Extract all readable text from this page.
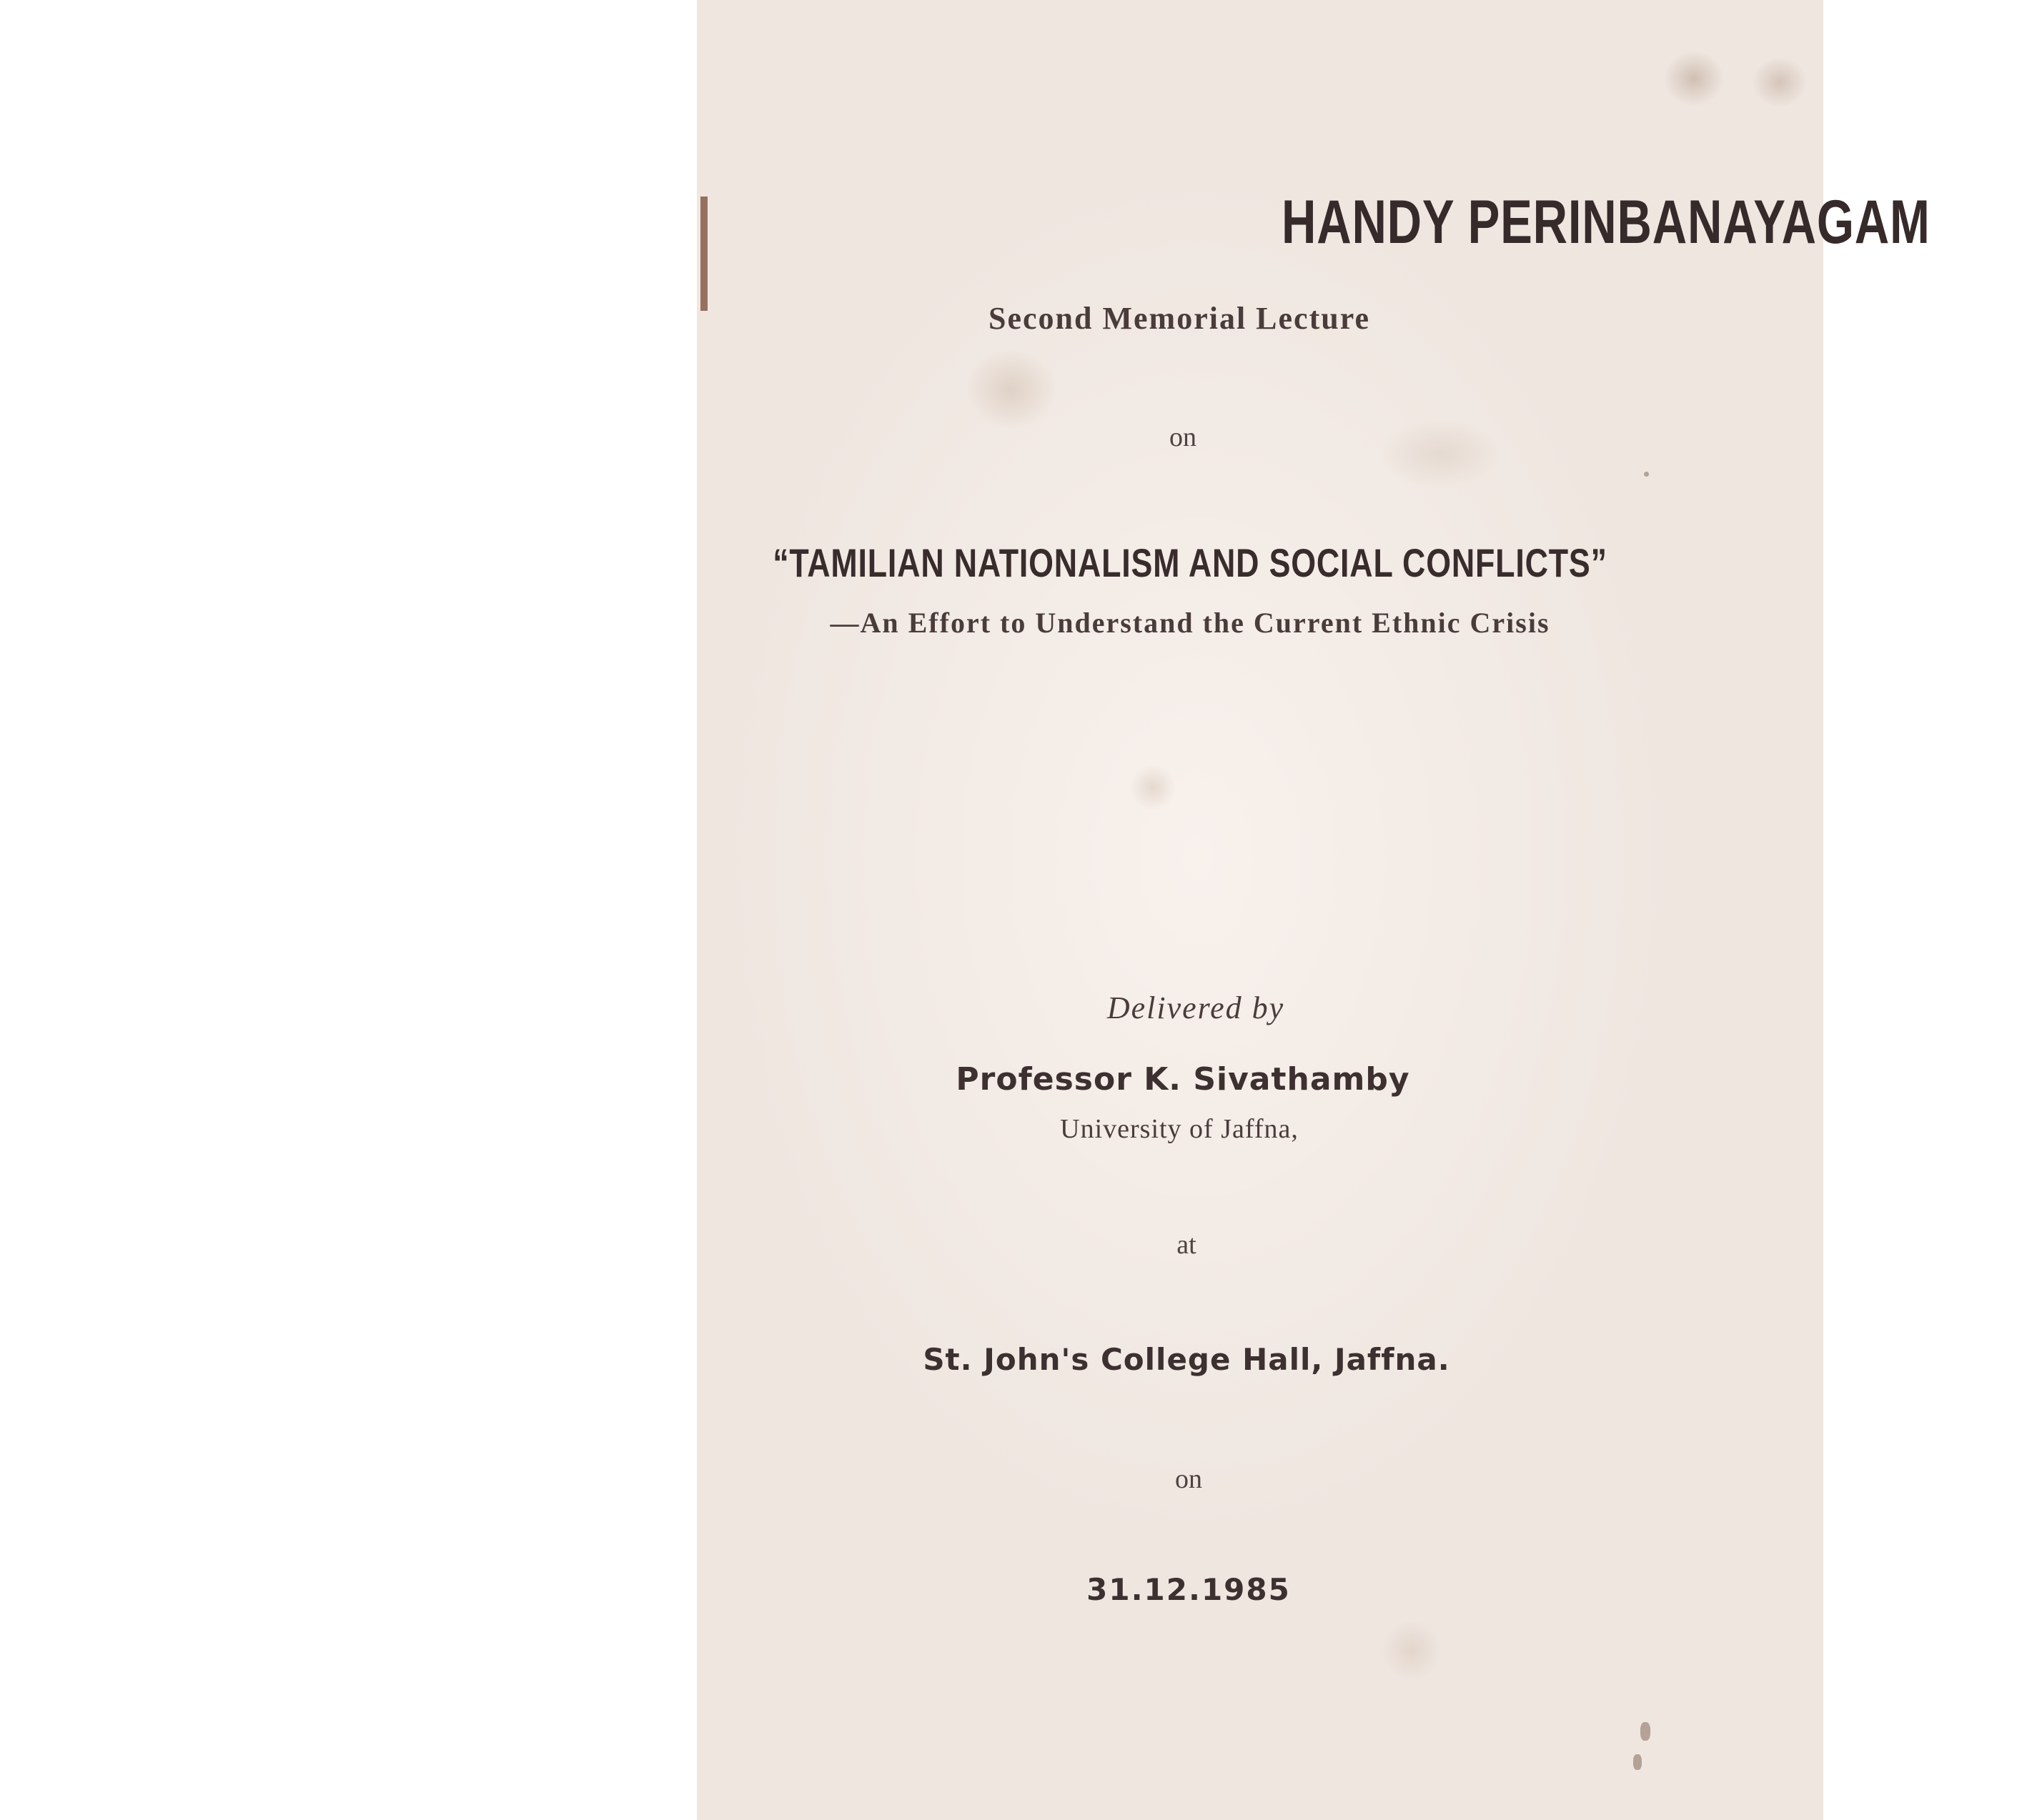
HANDY PERINBANAYAGAM

Second Memorial Lecture

on

“TAMILIAN NATIONALISM AND SOCIAL CONFLICTS”

—An Effort to Understand the Current Ethnic Crisis

Delivered by

Professor K. Sivathamby

University of Jaffna,

at

St. John's College Hall, Jaffna.

on

31.12.1985
